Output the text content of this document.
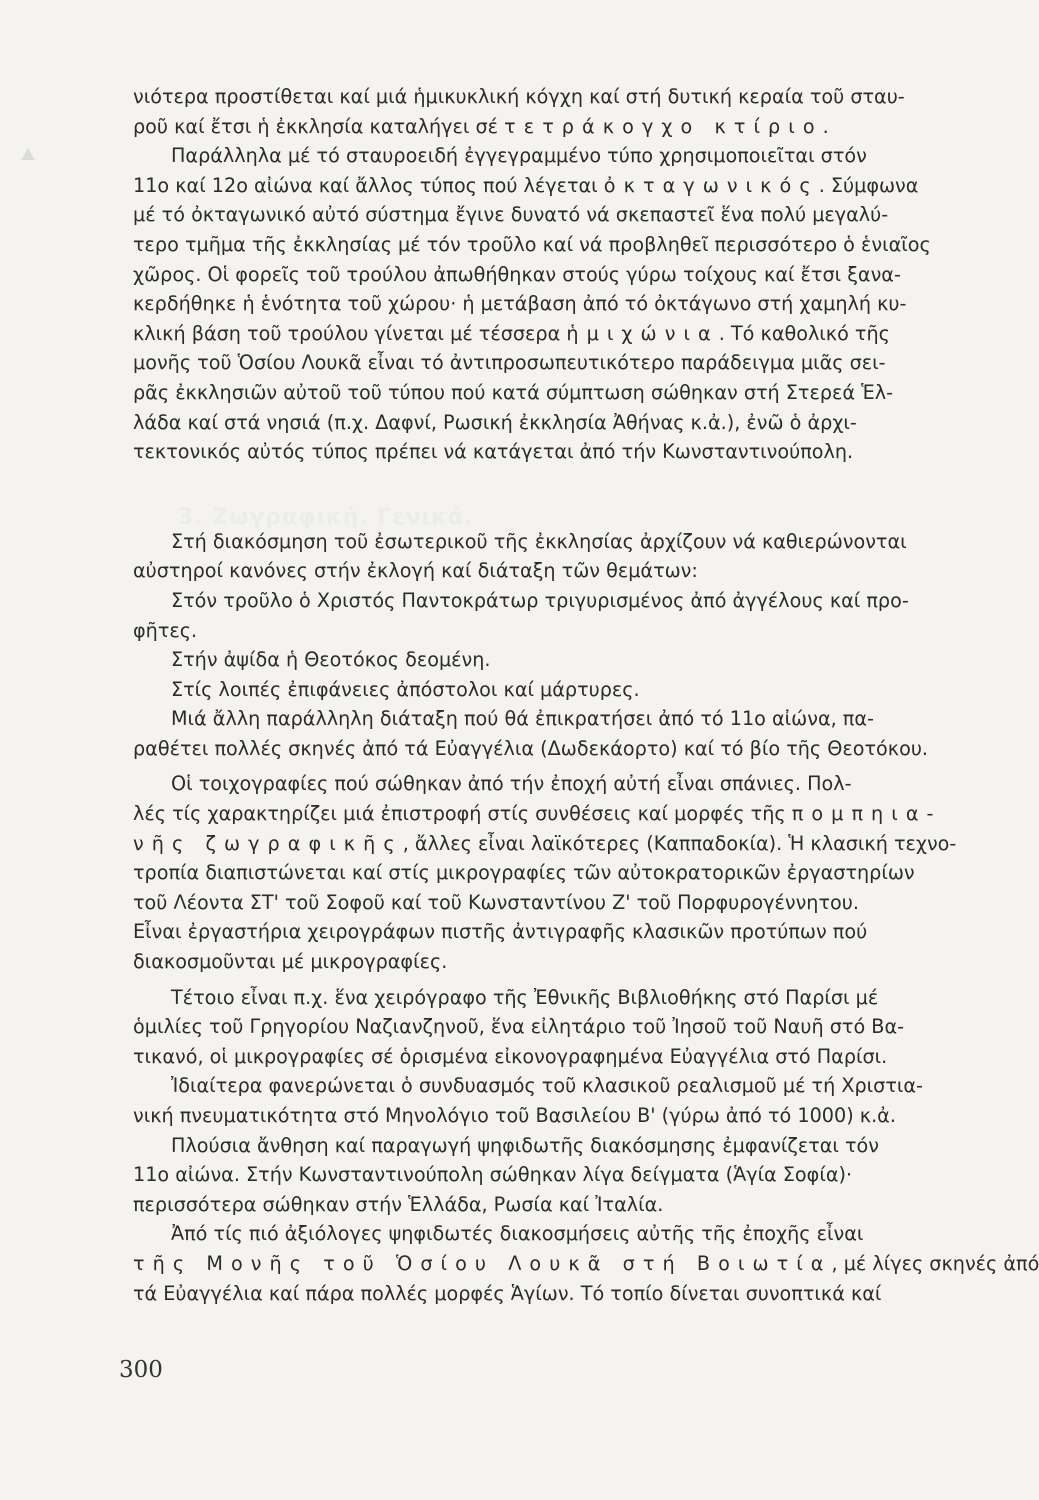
3. Ζωγραφική. Γενικά.

νιότερα προστίθεται καί μιά ἡμικυκλική κόγχη καί στή δυτική κεραία τοῦ σταυ-
ροῦ καί ἔτσι ἡ ἐκκλησία καταλήγει σέ τετράκογχο κτίριο.

Παράλληλα μέ τό σταυροειδή ἐγγεγραμμένο τύπο χρησιμοποιεῖται στόν
11ο καί 12ο αἰώνα καί ἄλλος τύπος πού λέγεται ὀκταγωνικός. Σύμφωνα
μέ τό ὀκταγωνικό αὐτό σύστημα ἔγινε δυνατό νά σκεπαστεῖ ἕνα πολύ μεγαλύ-
τερο τμῆμα τῆς ἐκκλησίας μέ τόν τροῦλο καί νά προβληθεῖ περισσότερο ὁ ἑνιαῖος
χῶρος. Οἱ φορεῖς τοῦ τρούλου ἀπωθήθηκαν στούς γύρω τοίχους καί ἔτσι ξανα-
κερδήθηκε ἡ ἑνότητα τοῦ χώρου· ἡ μετάβαση ἀπό τό ὀκτάγωνο στή χαμηλή κυ-
κλική βάση τοῦ τρούλου γίνεται μέ τέσσερα ἡμιχώνια. Τό καθολικό τῆς
μονῆς τοῦ Ὁσίου Λουκᾶ εἶναι τό ἀντιπροσωπευτικότερο παράδειγμα μιᾶς σει-
ρᾶς ἐκκλησιῶν αὐτοῦ τοῦ τύπου πού κατά σύμπτωση σώθηκαν στή Στερεά Ἑλ-
λάδα καί στά νησιά (π.χ. Δαφνί, Ρωσική ἐκκλησία Ἀθήνας κ.ἀ.), ἐνῶ ὁ ἀρχι-
τεκτονικός αὐτός τύπος πρέπει νά κατάγεται ἀπό τήν Κωνσταντινούπολη.

Στή διακόσμηση τοῦ ἐσωτερικοῦ τῆς ἐκκλησίας ἀρχίζουν νά καθιερώνονται
αὐστηροί κανόνες στήν ἐκλογή καί διάταξη τῶν θεμάτων:

Στόν τροῦλο ὁ Χριστός Παντοκράτωρ τριγυρισμένος ἀπό ἀγγέλους καί προ-
φῆτες.

Στήν ἀψίδα ἡ Θεοτόκος δεομένη.

Στίς λοιπές ἐπιφάνειες ἀπόστολοι καί μάρτυρες.

Μιά ἄλλη παράλληλη διάταξη πού θά ἐπικρατήσει ἀπό τό 11ο αἰώνα, πα-
ραθέτει πολλές σκηνές ἀπό τά Εὐαγγέλια (Δωδεκάορτο) καί τό βίο τῆς Θεοτόκου.

Οἱ τοιχογραφίες πού σώθηκαν ἀπό τήν ἐποχή αὐτή εἶναι σπάνιες. Πολ-
λές τίς χαρακτηρίζει μιά ἐπιστροφή στίς συνθέσεις καί μορφές τῆς πομπηια-
νῆς ζωγραφικῆς, ἄλλες εἶναι λαϊκότερες (Καππαδοκία). Ἡ κλασική τεχνο-
τροπία διαπιστώνεται καί στίς μικρογραφίες τῶν αὐτοκρατορικῶν ἐργαστηρίων
τοῦ Λέοντα ΣΤ' τοῦ Σοφοῦ καί τοῦ Κωνσταντίνου Ζ' τοῦ Πορφυρογέννητου.
Εἶναι ἐργαστήρια χειρογράφων πιστῆς ἀντιγραφῆς κλασικῶν προτύπων πού
διακοσμοῦνται μέ μικρογραφίες.

Τέτοιο εἶναι π.χ. ἕνα χειρόγραφο τῆς Ἐθνικῆς Βιβλιοθήκης στό Παρίσι μέ
ὁμιλίες τοῦ Γρηγορίου Ναζιανζηνοῦ, ἕνα εἰλητάριο τοῦ Ἰησοῦ τοῦ Ναυῆ στό Βα-
τικανό, οἱ μικρογραφίες σέ ὁρισμένα εἰκονογραφημένα Εὐαγγέλια στό Παρίσι.

Ἰδιαίτερα φανερώνεται ὁ συνδυασμός τοῦ κλασικοῦ ρεαλισμοῦ μέ τή Χριστια-
νική πνευματικότητα στό Μηνολόγιο τοῦ Βασιλείου Β' (γύρω ἀπό τό 1000) κ.ἀ.

Πλούσια ἄνθηση καί παραγωγή ψηφιδωτῆς διακόσμησης ἐμφανίζεται τόν
11ο αἰώνα. Στήν Κωνσταντινούπολη σώθηκαν λίγα δείγματα (Ἁγία Σοφία)·
περισσότερα σώθηκαν στήν Ἑλλάδα, Ρωσία καί Ἰταλία.

Ἀπό τίς πιό ἀξιόλογες ψηφιδωτές διακοσμήσεις αὐτῆς τῆς ἐποχῆς εἶναι
τῆς Μονῆς τοῦ Ὁσίου Λουκᾶ στή Βοιωτία, μέ λίγες σκηνές ἀπό
τά Εὐαγγέλια καί πάρα πολλές μορφές Ἁγίων. Τό τοπίο δίνεται συνοπτικά καί

300
